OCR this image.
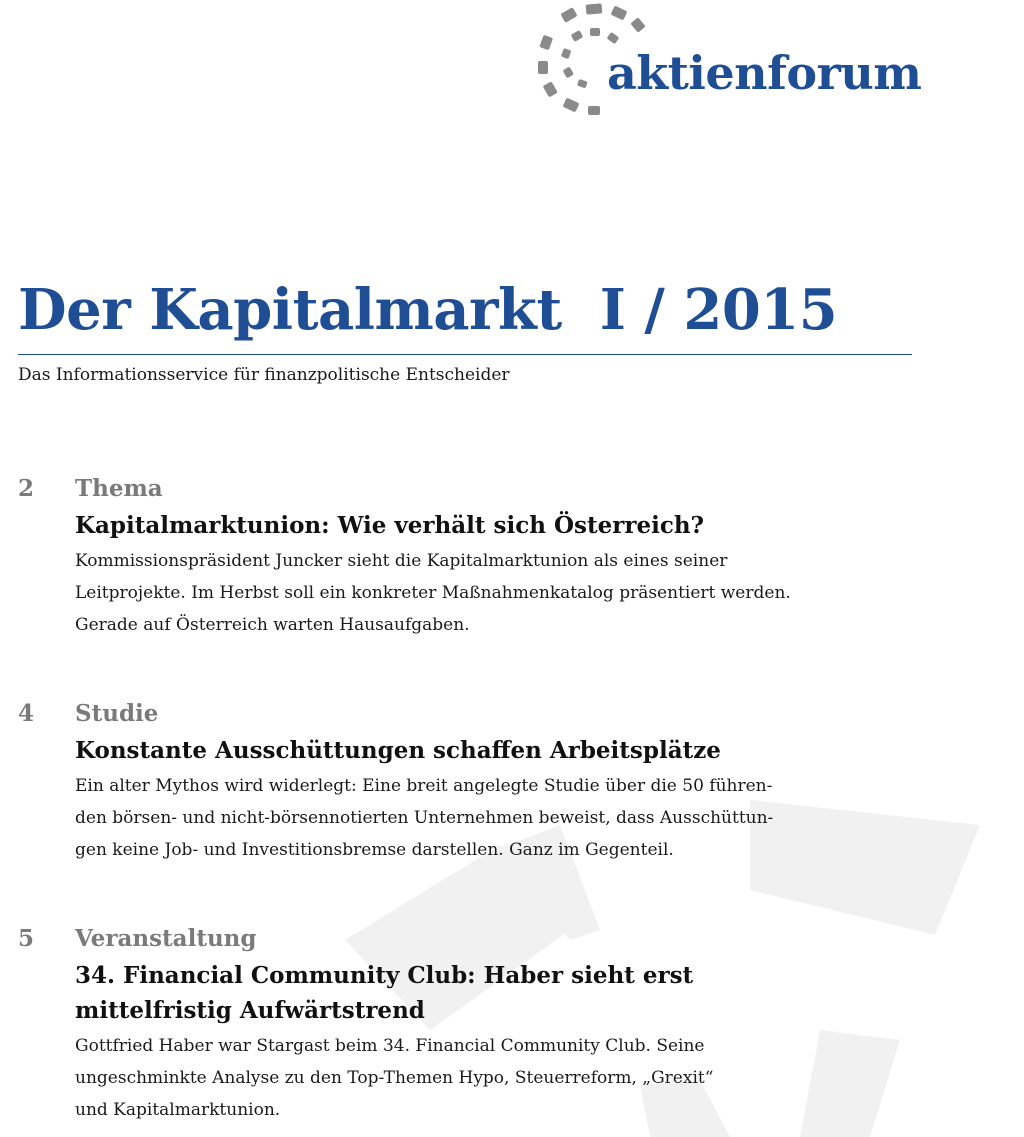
aktienforum
Der Kapitalmarkt  I / 2015

Das Informationsservice für finanzpolitische Entscheider

2 Thema
Kapitalmarktunion: Wie verhält sich Österreich?

Kommissionspräsident Juncker sieht die Kapitalmarktunion als eines seiner
Leitprojekte. Im Herbst soll ein konkreter Maßnahmenkatalog präsentiert werden.
Gerade auf Österreich warten Hausaufgaben.

4 Studie
Konstante Ausschüttungen schaffen Arbeitsplätze

Ein alter Mythos wird widerlegt: Eine breit angelegte Studie über die 50 führen-
den börsen- und nicht-börsennotierten Unternehmen beweist, dass Ausschüttun-
gen keine Job- und Investitionsbremse darstellen. Ganz im Gegenteil.

5 Veranstaltung
34. Financial Community Club: Haber sieht erst
mittelfristig Aufwärtstrend

Gottfried Haber war Stargast beim 34. Financial Community Club. Seine
ungeschminkte Analyse zu den Top-Themen Hypo, Steuerreform, „Grexit“
und Kapitalmarktunion.
